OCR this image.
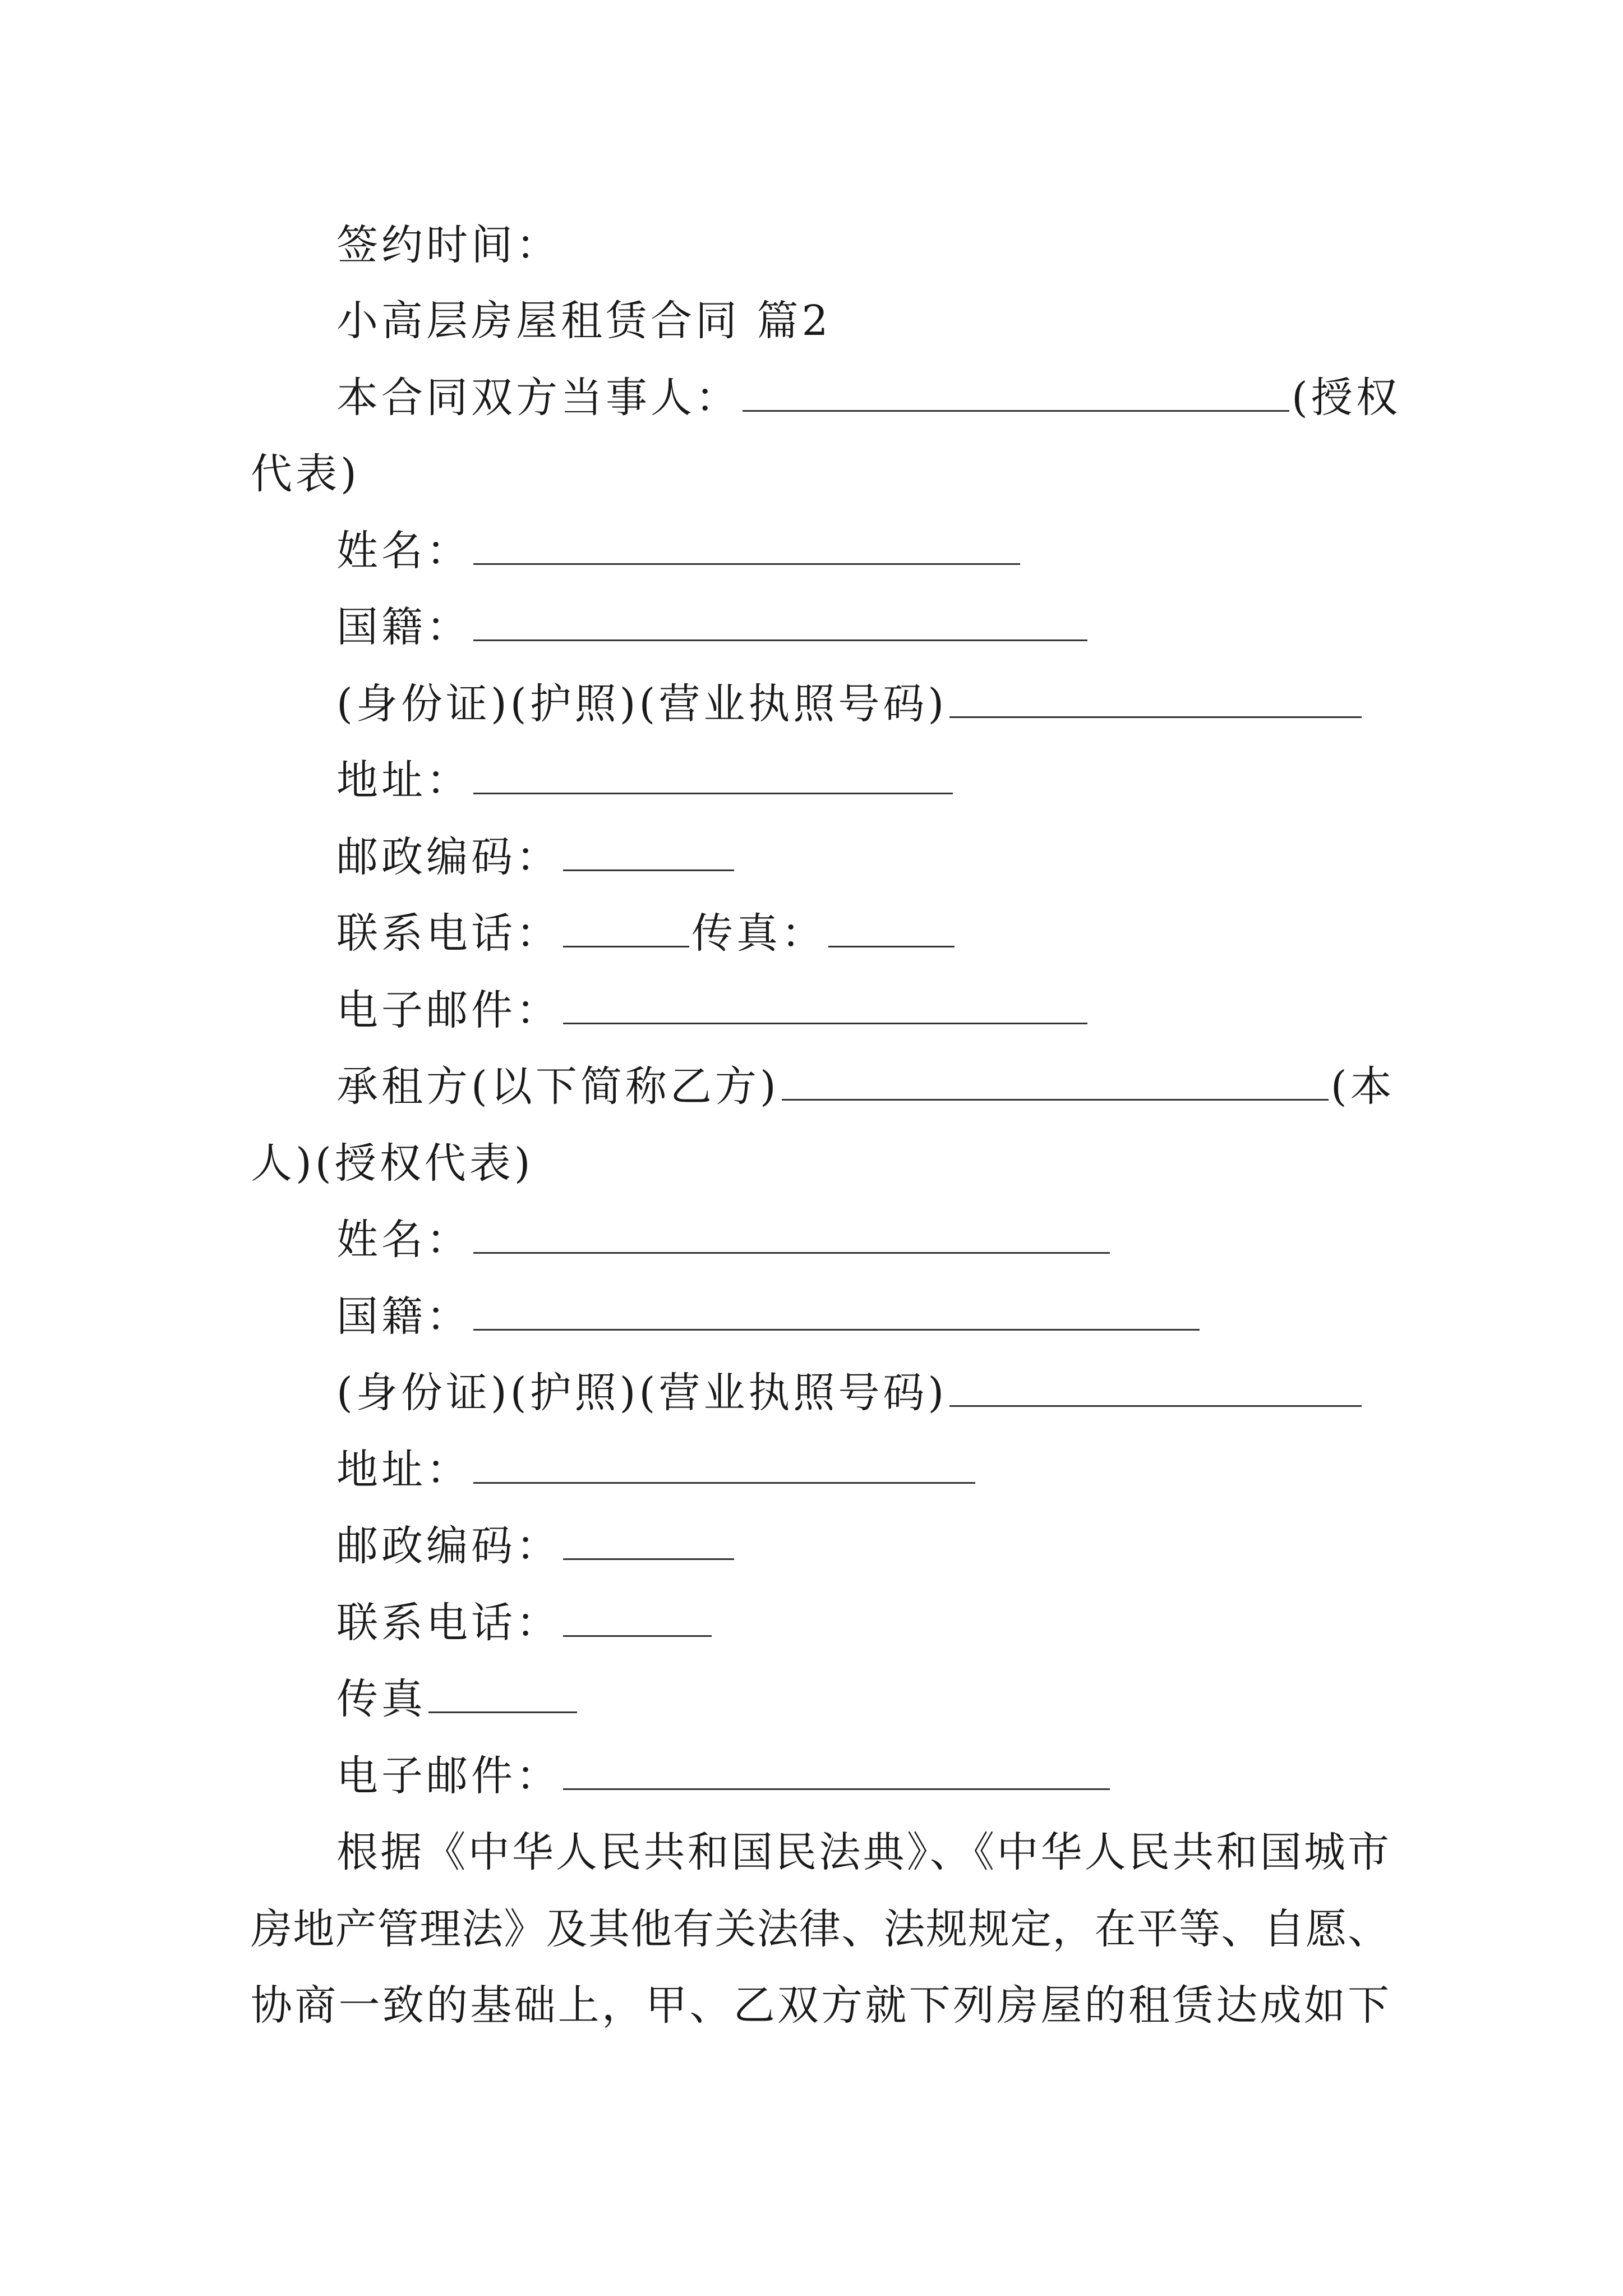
签约时间：
小高层房屋租赁合同 篇2
本合同双方当事人：	(授权
代表)
姓名：
国籍：
(身份证)(护照)(营业执照号码)
地址：
邮政编码：
联系电话：	传真：
电子邮件：
承租方(以下简称乙方)	(本
人)(授权代表)
姓名：
国籍：
(身份证)(护照)(营业执照号码)
地址：
邮政编码：
联系电话：
传真
电子邮件：
根据《中华人民共和国民法典》、《中华人民共和国城市
房地产管理法》及其他有关法律、法规规定，在平等、自愿、
协商一致的基础上，甲、乙双方就下列房屋的租赁达成如下
